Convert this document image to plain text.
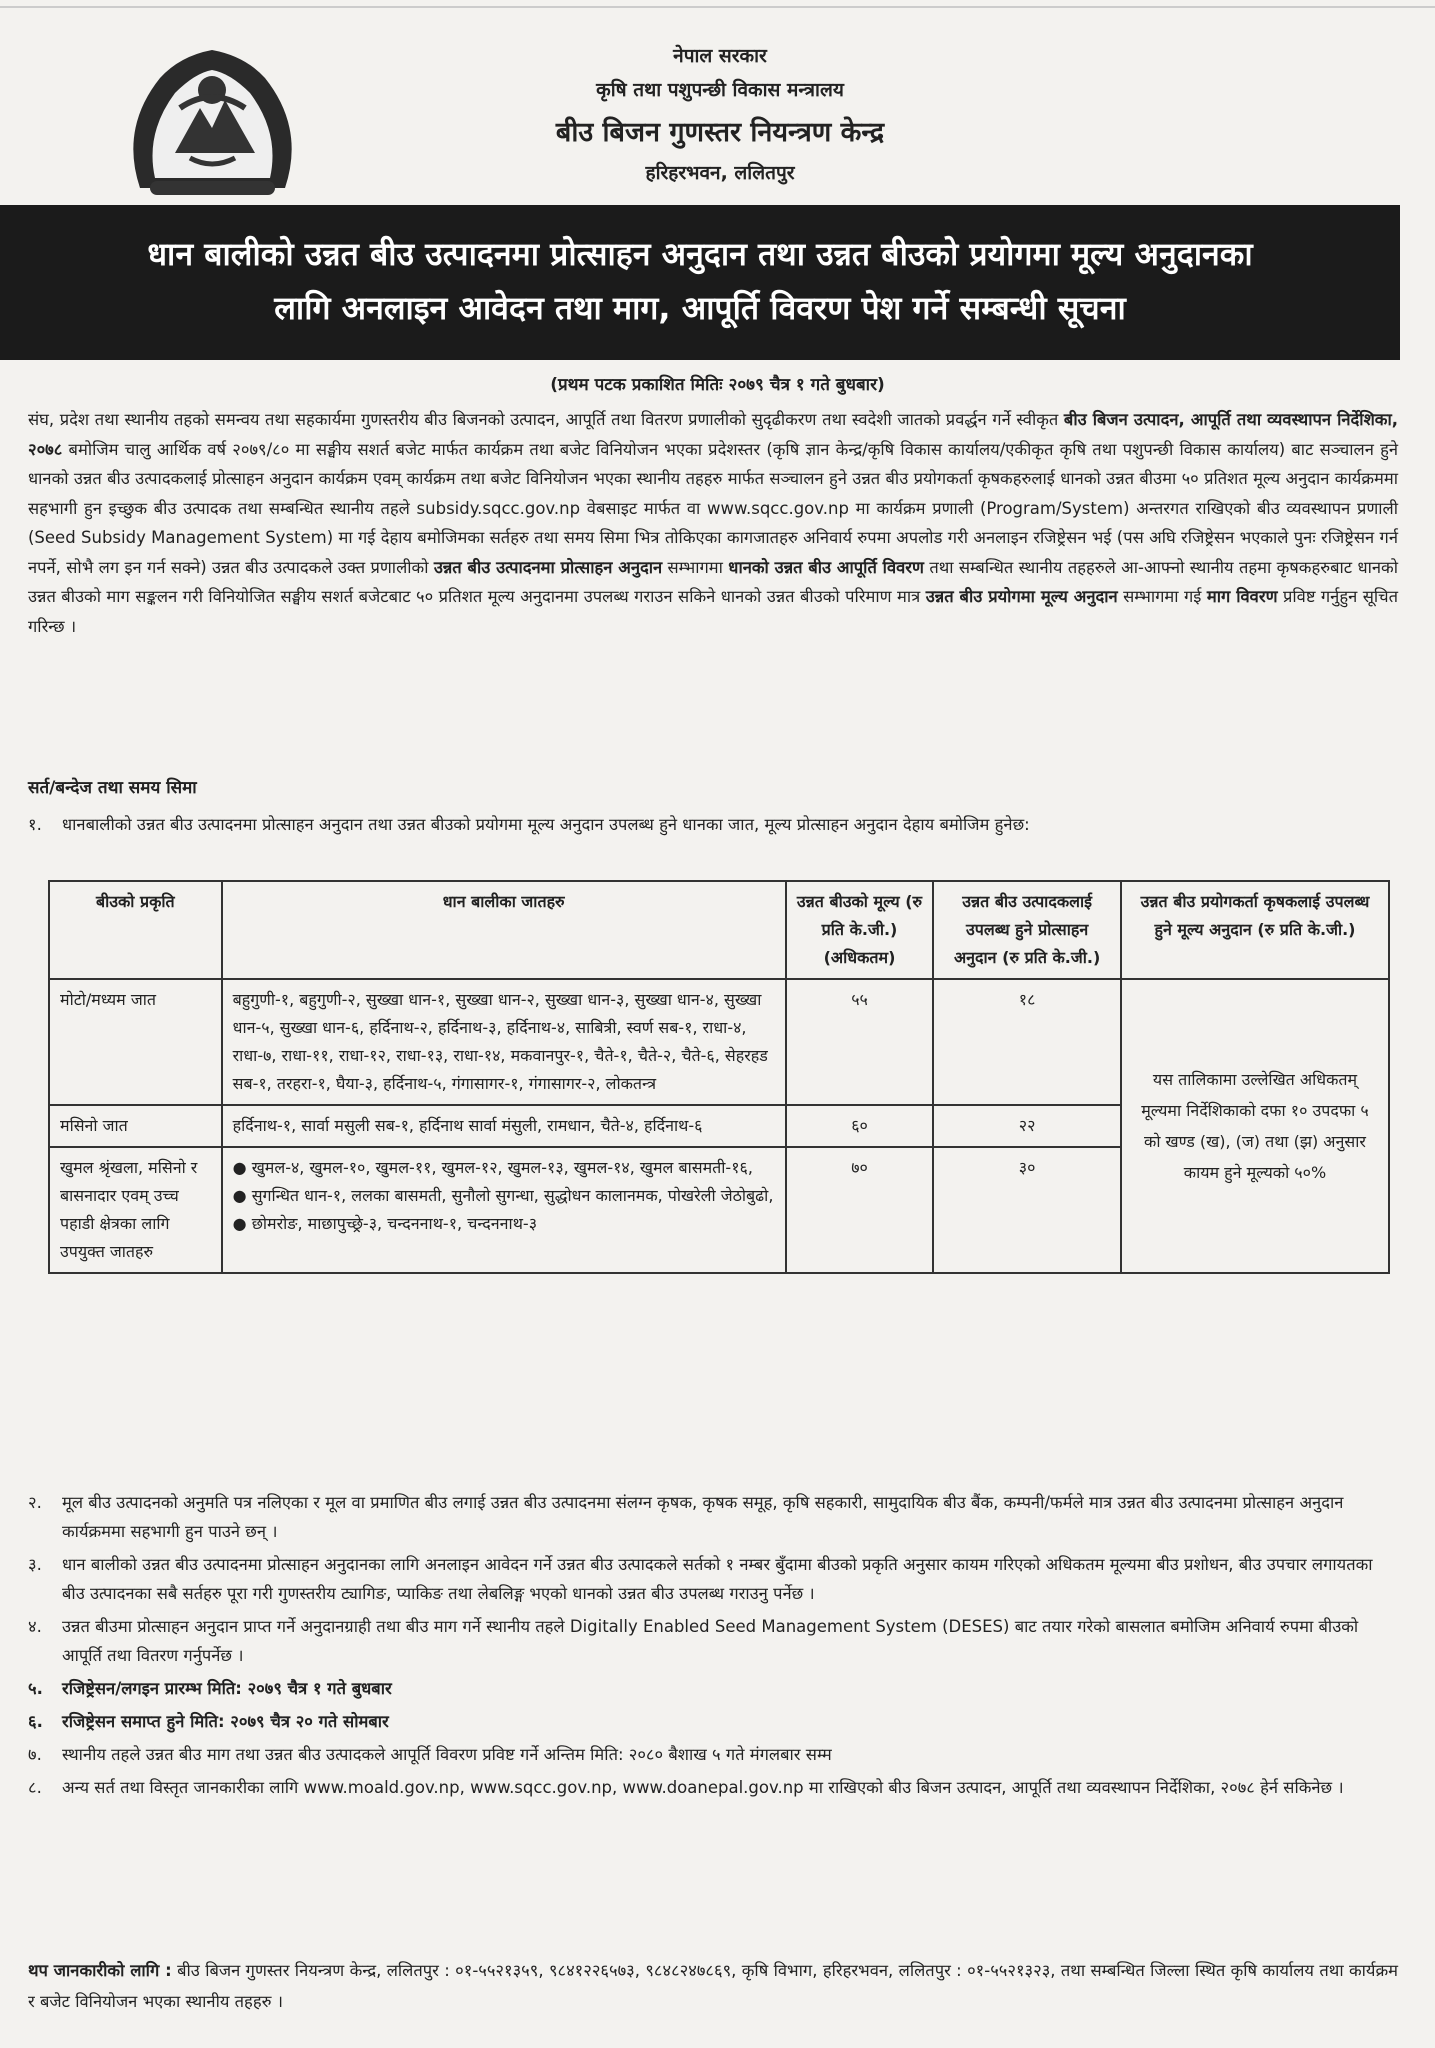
नेपाल सरकार
कृषि तथा पशुपन्छी विकास मन्त्रालय
बीउ बिजन गुणस्तर नियन्त्रण केन्द्र
हरिहरभवन, ललितपुर
धान बालीको उन्नत बीउ उत्पादनमा प्रोत्साहन अनुदान तथा उन्नत बीउको प्रयोगमा मूल्य अनुदानका
लागि अनलाइन आवेदन तथा माग, आपूर्ति विवरण पेश गर्ने सम्बन्धी सूचना
(प्रथम पटक प्रकाशित मितिः २०७९ चैत्र १ गते बुधबार)
संघ, प्रदेश तथा स्थानीय तहको समन्वय तथा सहकार्यमा गुणस्तरीय बीउ बिजनको उत्पादन, आपूर्ति तथा वितरण प्रणालीको सुदृढीकरण तथा स्वदेशी जातको प्रवर्द्धन गर्ने स्वीकृत बीउ बिजन उत्पादन, आपूर्ति तथा व्यवस्थापन निर्देशिका, २०७८ बमोजिम चालु आर्थिक वर्ष २०७९/८० मा सङ्घीय सशर्त बजेट मार्फत कार्यक्रम तथा बजेट विनियोजन भएका प्रदेशस्तर (कृषि ज्ञान केन्द्र/कृषि विकास कार्यालय/एकीकृत कृषि तथा पशुपन्छी विकास कार्यालय) बाट सञ्चालन हुने धानको उन्नत बीउ उत्पादकलाई प्रोत्साहन अनुदान कार्यक्रम एवम् कार्यक्रम तथा बजेट विनियोजन भएका स्थानीय तहहरु मार्फत सञ्चालन हुने उन्नत बीउ प्रयोगकर्ता कृषकहरुलाई धानको उन्नत बीउमा ५० प्रतिशत मूल्य अनुदान कार्यक्रममा सहभागी हुन इच्छुक बीउ उत्पादक तथा सम्बन्धित स्थानीय तहले subsidy.sqcc.gov.np वेबसाइट मार्फत वा www.sqcc.gov.np मा कार्यक्रम प्रणाली (Program/System) अन्तरगत राखिएको बीउ व्यवस्थापन प्रणाली (Seed Subsidy Management System) मा गई देहाय बमोजिमका सर्तहरु तथा समय सिमा भित्र तोकिएका कागजातहरु अनिवार्य रुपमा अपलोड गरी अनलाइन रजिष्ट्रेसन भई (पस अघि रजिष्ट्रेसन भएकाले पुनः रजिष्ट्रेसन गर्न नपर्ने, सोभै लग इन गर्न सक्ने) उन्नत बीउ उत्पादकले उक्त प्रणालीको उन्नत बीउ उत्पादनमा प्रोत्साहन अनुदान सम्भागमा धानको उन्नत बीउ आपूर्ति विवरण तथा सम्बन्धित स्थानीय तहहरुले आ-आफ्नो स्थानीय तहमा कृषकहरुबाट धानको उन्नत बीउको माग सङ्कलन गरी विनियोजित सङ्घीय सशर्त बजेटबाट ५० प्रतिशत मूल्य अनुदानमा उपलब्ध गराउन सकिने धानको उन्नत बीउको परिमाण मात्र उन्नत बीउ प्रयोगमा मूल्य अनुदान सम्भागमा गई माग विवरण प्रविष्ट गर्नुहुन सूचित गरिन्छ ।
सर्त/बन्देज तथा समय सिमा
१. धानबालीको उन्नत बीउ उत्पादनमा प्रोत्साहन अनुदान तथा उन्नत बीउको प्रयोगमा मूल्य अनुदान उपलब्ध हुने धानका जात, मूल्य प्रोत्साहन अनुदान देहाय बमोजिम हुनेछ:
बीउको प्रकृति	धान बालीका जातहरु	उन्नत बीउको मूल्य (रु प्रति के.जी.) (अधिकतम)	उन्नत बीउ उत्पादकलाई उपलब्ध हुने प्रोत्साहन अनुदान (रु प्रति के.जी.)	उन्नत बीउ प्रयोगकर्ता कृषकलाई उपलब्ध हुने मूल्य अनुदान (रु प्रति के.जी.)
मोटो/मध्यम जात	बहुगुणी-१, बहुगुणी-२, सुख्खा धान-१, सुख्खा धान-२, सुख्खा धान-३, सुख्खा धान-४, सुख्खा धान-५, सुख्खा धान-६, हर्दिनाथ-२, हर्दिनाथ-३, हर्दिनाथ-४, साबित्री, स्वर्ण सब-१, राधा-४, राधा-७, राधा-११, राधा-१२, राधा-१३, राधा-१४, मकवानपुर-१, चैते-१, चैते-२, चैते-६, सेहरहड सब-१, तरहरा-१, घैया-३, हर्दिनाथ-५, गंगासागर-१, गंगासागर-२, लोकतन्त्र	५५	१८	यस तालिकामा उल्लेखित अधिकतम् मूल्यमा निर्देशिकाको दफा १० उपदफा ५ को खण्ड (ख), (ज) तथा (झ) अनुसार कायम हुने मूल्यको ५०%
मसिनो जात	हर्दिनाथ-१, सार्वा मसुली सब-१, हर्दिनाथ सार्वा मंसुली, रामधान, चैते-४, हर्दिनाथ-६	६०	२२	
खुमल श्रृंखला, मसिनो र बासनादार एवम् उच्च पहाडी क्षेत्रका लागि उपयुक्त जातहरु	● खुमल-४, खुमल-१०, खुमल-११, खुमल-१२, खुमल-१३, खुमल-१४, खुमल बासमती-१६,
● सुगन्धित धान-१, ललका बासमती, सुनौलो सुगन्धा, सुद्धोधन कालानमक, पोखरेली जेठोबुढो,
● छोमरोङ, माछापुच्छ्रे-३, चन्दननाथ-१, चन्दननाथ-३	७०	३०	
२. मूल बीउ उत्पादनको अनुमति पत्र नलिएका र मूल वा प्रमाणित बीउ लगाई उन्नत बीउ उत्पादनमा संलग्न कृषक, कृषक समूह, कृषि सहकारी, सामुदायिक बीउ बैंक, कम्पनी/फर्मले मात्र उन्नत बीउ उत्पादनमा प्रोत्साहन अनुदान कार्यक्रममा सहभागी हुन पाउने छन् ।
३. धान बालीको उन्नत बीउ उत्पादनमा प्रोत्साहन अनुदानका लागि अनलाइन आवेदन गर्ने उन्नत बीउ उत्पादकले सर्तको १ नम्बर बुँदामा बीउको प्रकृति अनुसार कायम गरिएको अधिकतम मूल्यमा बीउ प्रशोधन, बीउ उपचार लगायतका बीउ उत्पादनका सबै सर्तहरु पूरा गरी गुणस्तरीय ट्यागिङ, प्याकिङ तथा लेबलिङ्ग भएको धानको उन्नत बीउ उपलब्ध गराउनु पर्नेछ ।
४. उन्नत बीउमा प्रोत्साहन अनुदान प्राप्त गर्ने अनुदानग्राही तथा बीउ माग गर्ने स्थानीय तहले Digitally Enabled Seed Management System (DESES) बाट तयार गरेको बासलात बमोजिम अनिवार्य रुपमा बीउको आपूर्ति तथा वितरण गर्नुपर्नेछ ।
५. रजिष्ट्रेसन/लगइन प्रारम्भ मिति: २०७९ चैत्र १ गते बुधबार
६. रजिष्ट्रेसन समाप्त हुने मिति: २०७९ चैत्र २० गते सोमबार
७. स्थानीय तहले उन्नत बीउ माग तथा उन्नत बीउ उत्पादकले आपूर्ति विवरण प्रविष्ट गर्ने अन्तिम मिति: २०८० बैशाख ५ गते मंगलबार सम्म
८. अन्य सर्त तथा विस्तृत जानकारीका लागि www.moald.gov.np, www.sqcc.gov.np, www.doanepal.gov.np मा राखिएको बीउ बिजन उत्पादन, आपूर्ति तथा व्यवस्थापन निर्देशिका, २०७८ हेर्न सकिनेछ ।
थप जानकारीको लागि : बीउ बिजन गुणस्तर नियन्त्रण केन्द्र, ललितपुर : ०१-५५२१३५९, ९८४१२२६५७३, ९८४८२४७८६९, कृषि विभाग, हरिहरभवन, ललितपुर : ०१-५५२१३२३, तथा सम्बन्धित जिल्ला स्थित कृषि कार्यालय तथा कार्यक्रम र बजेट विनियोजन भएका स्थानीय तहहरु ।
